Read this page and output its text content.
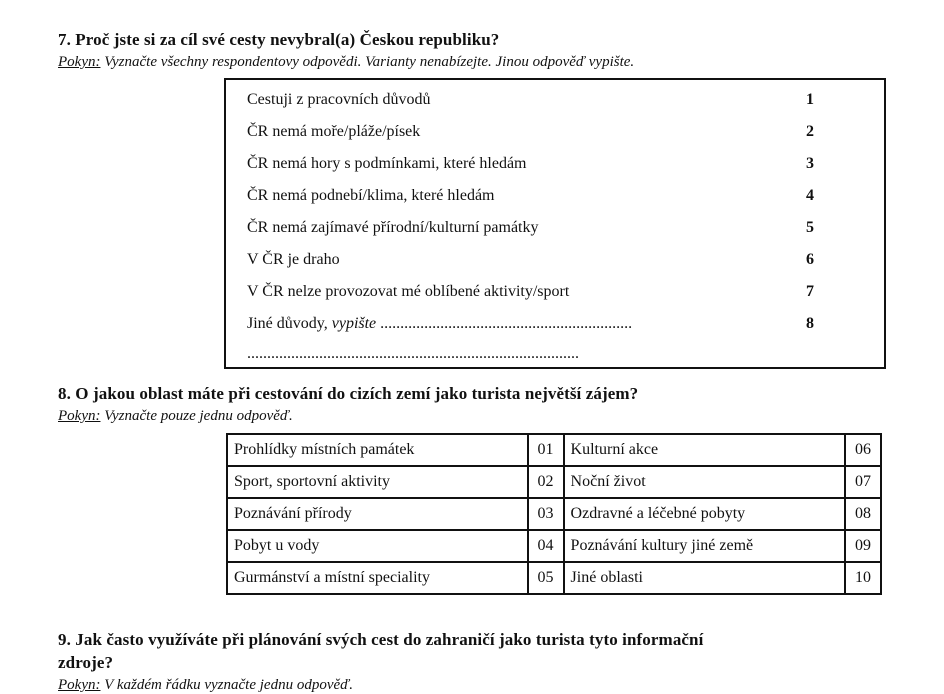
7. Proč jste si za cíl své cesty nevybral(a) Českou republiku?
Pokyn: Vyznačte všechny respondentovy odpovědi. Varianty nenabízejte. Jinou odpověď vypište.
Cestuji z pracovních důvodů	1
ČR nemá moře/pláže/písek	2
ČR nemá hory s podmínkami, které hledám	3
ČR nemá podnebí/klima, které hledám	4
ČR nemá zajímavé přírodní/kulturní památky	5
V ČR je draho	6
V ČR nelze provozovat mé oblíbené aktivity/sport	7
Jiné důvody, vypište ...............................................................	8
...................................................................................
8. O jakou oblast máte při cestování do cizích zemí jako turista největší zájem?
Pokyn: Vyznačte pouze jednu odpověď.
Prohlídky místních památek	01	Kulturní akce	06
Sport, sportovní aktivity	02	Noční život	07
Poznávání přírody	03	Ozdravné a léčebné pobyty	08
Pobyt u vody	04	Poznávání kultury jiné země	09
Gurmánství a místní speciality	05	Jiné oblasti	10
9. Jak často využíváte při plánování svých cest do zahraničí jako turista tyto informační
zdroje?
Pokyn: V každém řádku vyznačte jednu odpověď.
